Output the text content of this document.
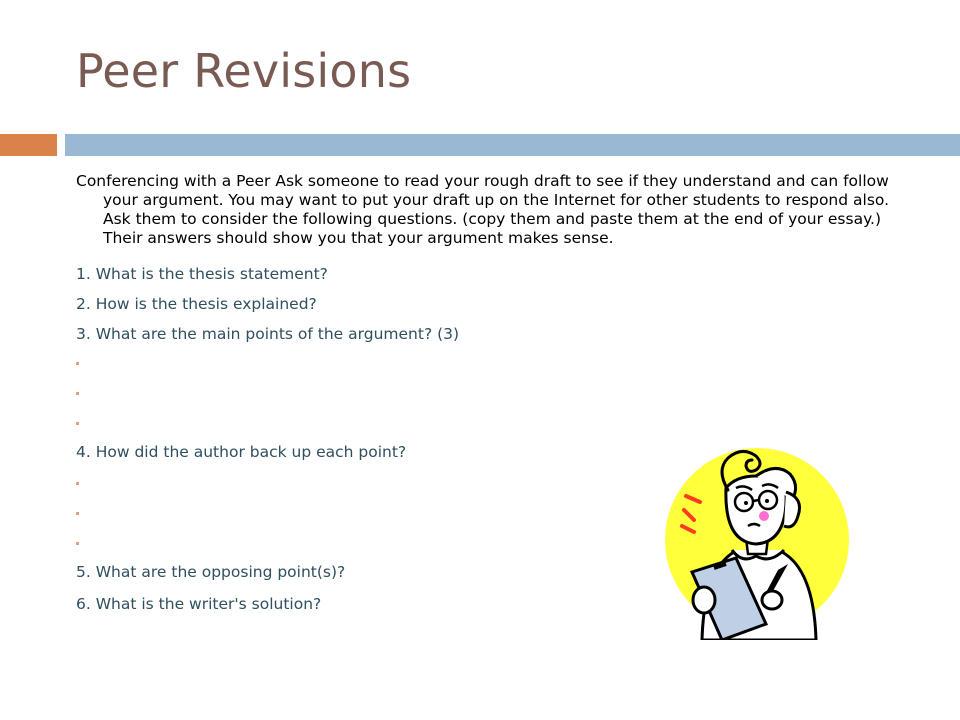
Peer Revisions

Conferencing with a Peer Ask someone to read your rough draft to see if they understand and can follow your argument. You may want to put your draft up on the Internet for other students to respond also. Ask them to consider the following questions. (copy them and paste them at the end of your essay.) Their answers should show you that your argument makes sense.

1. What is the thesis statement?

2. How is the thesis explained?

3. What are the main points of the argument? (3)

4. How did the author back up each point?

5. What are the opposing point(s)?

6. What is the writer's solution?
